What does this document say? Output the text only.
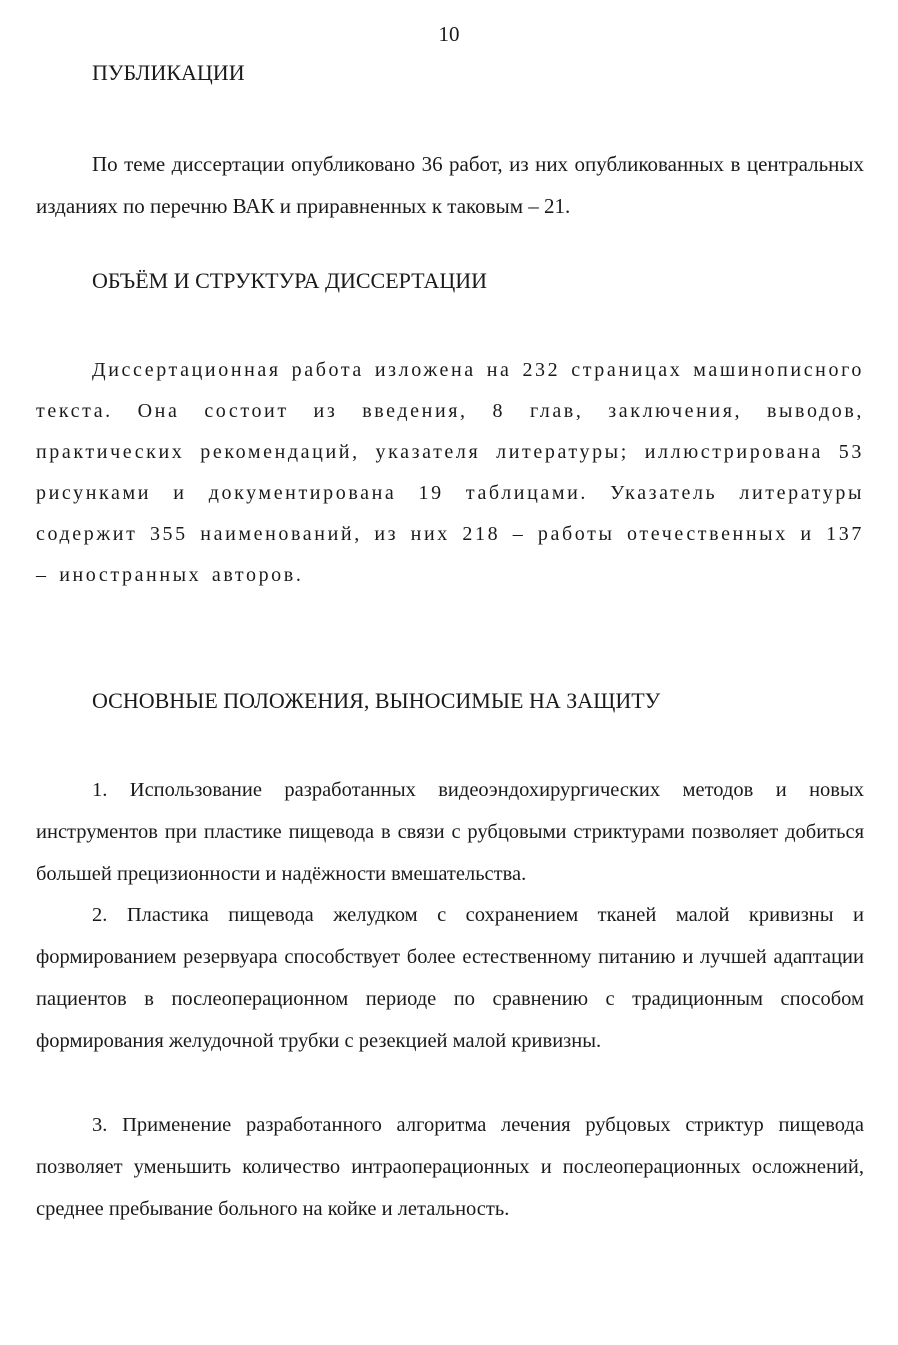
10
ПУБЛИКАЦИИ

По теме диссертации опубликовано 36 работ, из них опубликованных в центральных изданиях по перечню ВАК и приравненных к таковым – 21.

ОБЪЁМ И СТРУКТУРА ДИССЕРТАЦИИ

Диссертационная работа изложена на 232 страницах машинописного текста. Она состоит из введения, 8 глав, заключения, выводов, практических рекомендаций, указателя литературы; иллюстрирована 53 рисунками и документирована 19 таблицами. Указатель литературы содержит 355 наименований, из них 218 – работы отечественных и 137 – иностранных авторов.

ОСНОВНЫЕ ПОЛОЖЕНИЯ, ВЫНОСИМЫЕ НА ЗАЩИТУ

1. Использование разработанных видеоэндохирургических методов и новых инструментов при пластике пищевода в связи с рубцовыми стриктурами позволяет добиться большей прецизионности и надёжности вмешательства.

2. Пластика пищевода желудком с сохранением тканей малой кривизны и формированием резервуара способствует более естественному питанию и лучшей адаптации пациентов в послеоперационном периоде по сравнению с традиционным способом формирования желудочной трубки с резекцией малой кривизны.

3. Применение разработанного алгоритма лечения рубцовых стриктур пищевода позволяет уменьшить количество интраоперационных и послеоперационных осложнений, среднее пребывание больного на койке и летальность.
